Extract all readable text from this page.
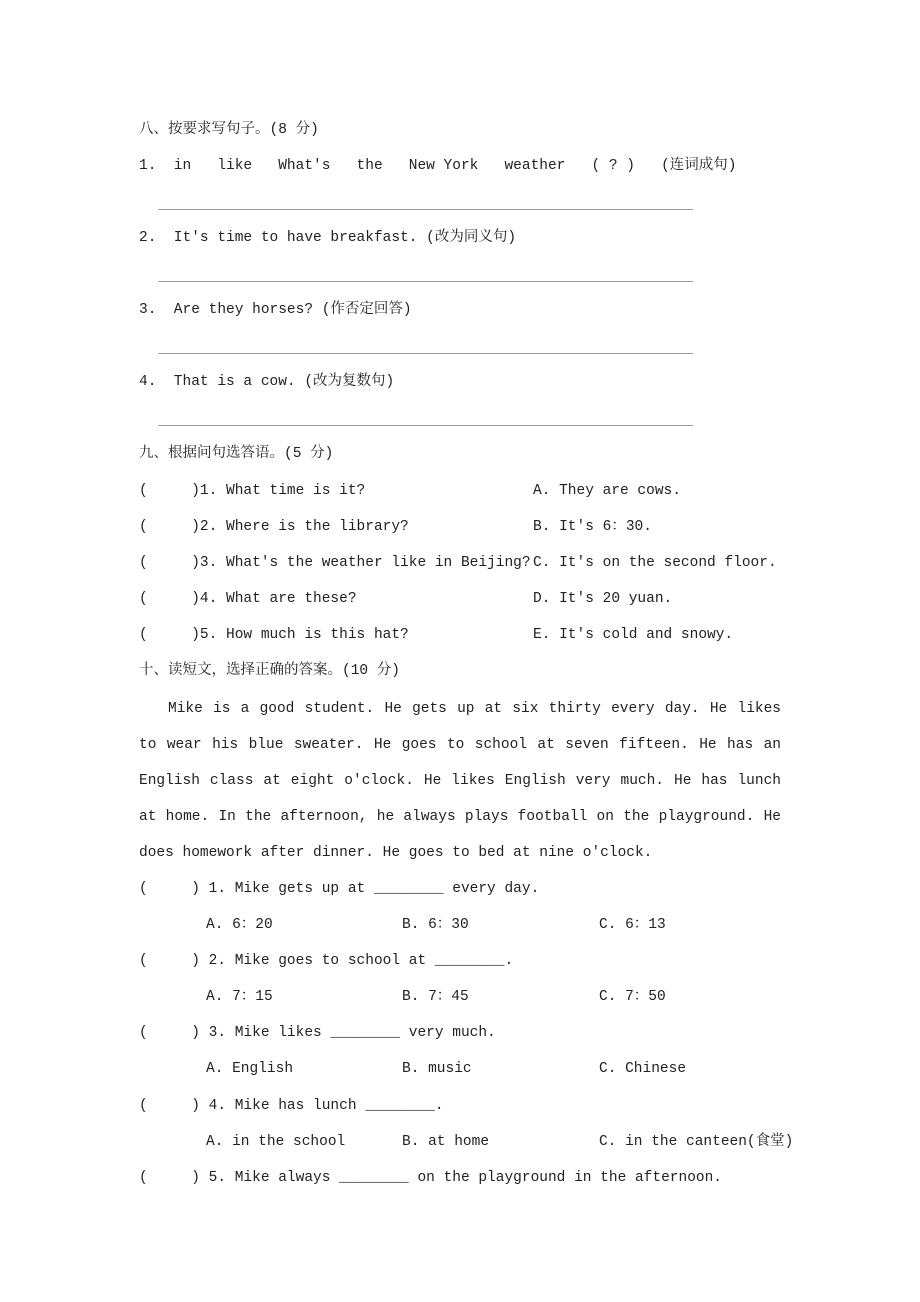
八、按要求写句子。(8 分)
1.  in   like   What's   the   New York   weather   ( ? )   (连词成句)
2.  It's time to have breakfast. (改为同义句)
3.  Are they horses? (作否定回答)
4.  That is a cow. (改为复数句)
九、根据问句选答语。(5 分)
(     )1. What time is it?	A. They are cows.
(     )2. Where is the library?	B. It's 6：30.
(     )3. What's the weather like in Beijing? C. It's on the second floor.
(     )4. What are these?	D. It's 20 yuan.
(     )5. How much is this hat?	E. It's cold and snowy.
十、读短文，选择正确的答案。(10 分)
Mike is a good student. He gets up at six thirty every day. He likes to wear his blue sweater. He goes to school at seven fifteen. He has an English class at eight o'clock. He likes English very much. He has lunch at home. In the afternoon, he always plays football on the playground. He does homework after dinner. He goes to bed at nine o'clock.
(     ) 1. Mike gets up at ________ every day.
A. 6：20	B. 6：30	C. 6：13
(     ) 2. Mike goes to school at ________.
A. 7：15	B. 7：45	C. 7：50
(     ) 3. Mike likes ________ very much.
A. English	B. music	C. Chinese
(     ) 4. Mike has lunch ________.
A. in the school	B. at home	C. in the canteen(食堂)
(     ) 5. Mike always ________ on the playground in the afternoon.
